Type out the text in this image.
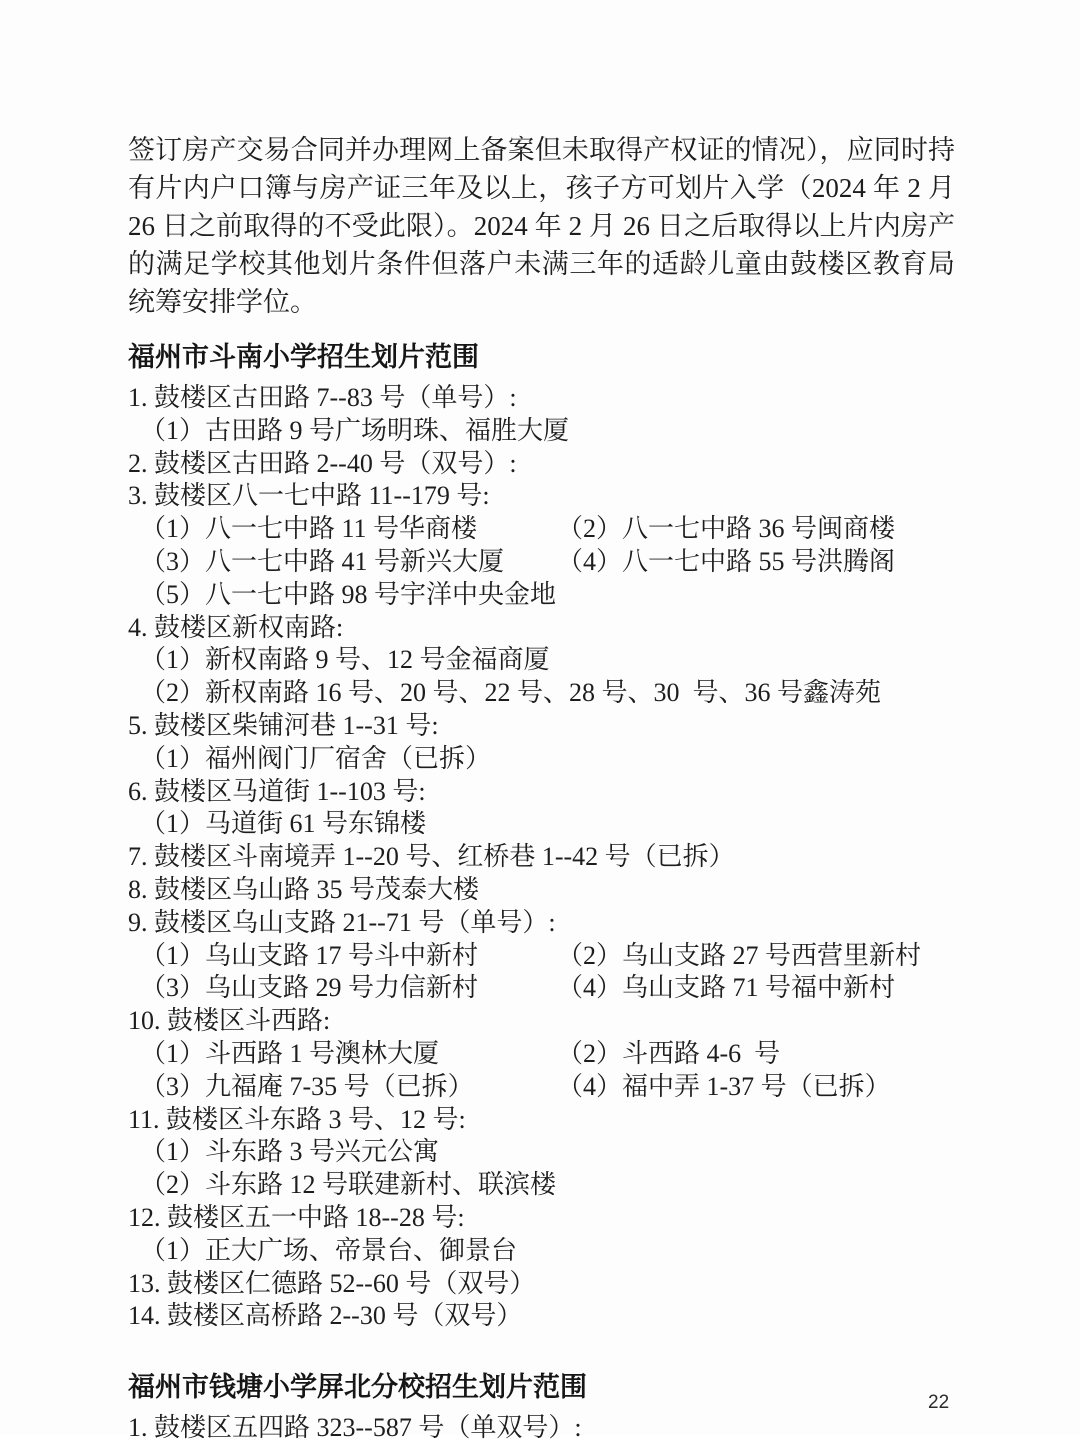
签订房产交易合同并办理网上备案但未取得产权证的情况），应同时持有片内户口簿与房产证三年及以上，孩子方可划片入学（2024 年 2 月 26 日之前取得的不受此限）。2024 年 2 月 26 日之后取得以上片内房产的满足学校其他划片条件但落户未满三年的适龄儿童由鼓楼区教育局统筹安排学位。

福州市斗南小学招生划片范围
1. 鼓楼区古田路 7--83 号（单号）:
（1）古田路 9 号广场明珠、福胜大厦
2. 鼓楼区古田路 2--40 号（双号）:
3. 鼓楼区八一七中路 11--179 号:
（1）八一七中路 11 号华商楼	（2）八一七中路 36 号闽商楼
（3）八一七中路 41 号新兴大厦 （4）八一七中路 55 号洪腾阁
（5）八一七中路 98 号宇洋中央金地
4. 鼓楼区新权南路:
（1）新权南路 9 号、12 号金福商厦
（2）新权南路 16 号、20 号、22 号、28 号、30  号、36 号鑫涛苑
5. 鼓楼区柴铺河巷 1--31 号:
（1）福州阀门厂宿舍（已拆）
6. 鼓楼区马道街 1--103 号:
（1）马道街 61 号东锦楼
7. 鼓楼区斗南境弄 1--20 号、红桥巷 1--42 号（已拆）
8. 鼓楼区乌山路 35 号茂泰大楼
9. 鼓楼区乌山支路 21--71 号（单号）:
（1）乌山支路 17 号斗中新村	（2）乌山支路 27 号西营里新村
（3）乌山支路 29 号力信新村	（4）乌山支路 71 号福中新村
10. 鼓楼区斗西路:
（1）斗西路 1 号澳林大厦	（2）斗西路 4-6  号
（3）九福庵 7-35 号（已拆）	（4）福中弄 1-37 号（已拆）
11. 鼓楼区斗东路 3 号、12 号:
（1）斗东路 3 号兴元公寓
（2）斗东路 12 号联建新村、联滨楼
12. 鼓楼区五一中路 18--28 号:
（1）正大广场、帝景台、御景台
13. 鼓楼区仁德路 52--60 号（双号）
14. 鼓楼区高桥路 2--30 号（双号）
福州市钱塘小学屏北分校招生划片范围
1. 鼓楼区五四路 323--587 号（单双号）:
22
